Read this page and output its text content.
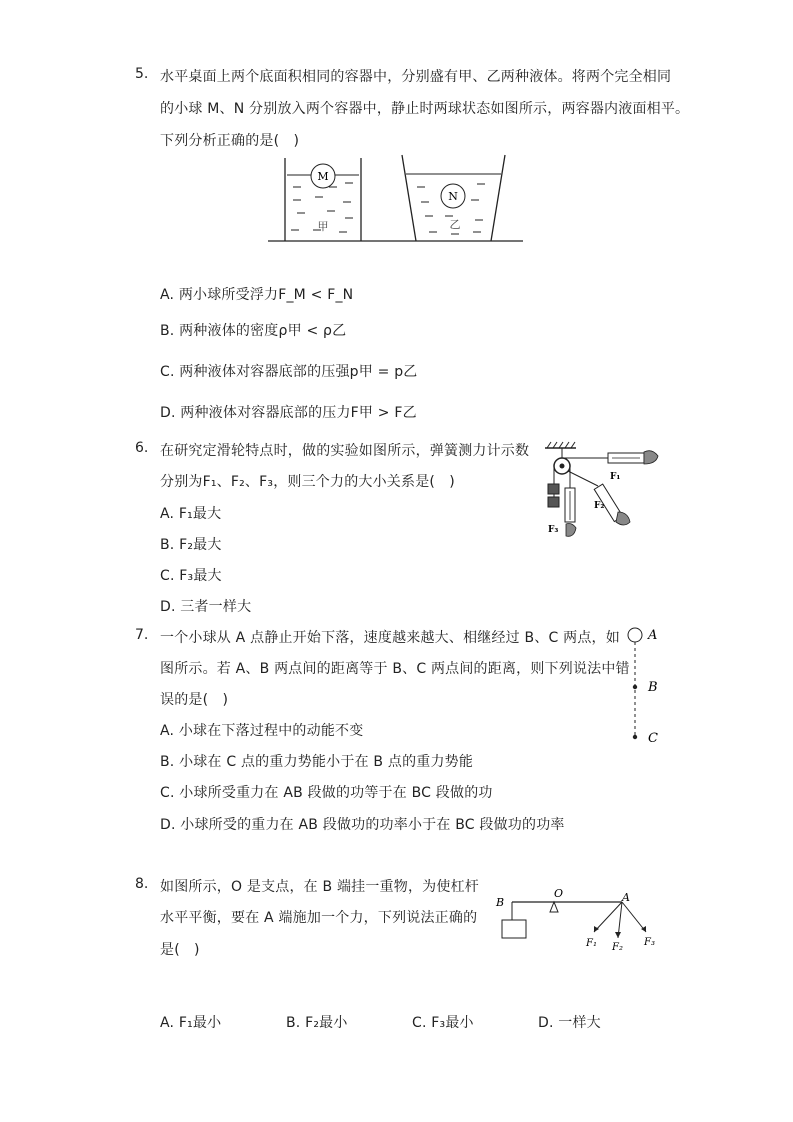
5. 水平桌面上两个底面积相同的容器中，分别盛有甲、乙两种液体。将两个完全相同
的小球 M、N 分别放入两个容器中，静止时两球状态如图所示，两容器内液面相平。
下列分析正确的是(　)
M
甲
N
乙
A. 两小球所受浮力F_M < F_N
B. 两种液体的密度ρ甲 < ρ乙
C. 两种液体对容器底部的压强p甲 = p乙
D. 两种液体对容器底部的压力F甲 > F乙
6. 在研究定滑轮特点时，做的实验如图所示，弹簧测力计示数
分别为F₁、F₂、F₃，则三个力的大小关系是(　)	F₁
F₂
F₃
A. F₁最大
B. F₂最大
C. F₃最大
D. 三者一样大
7. 一个小球从 A 点静止开始下落，速度越来越大、相继经过 B、C 两点，如
图所示。若 A、B 两点间的距离等于 B、C 两点间的距离，则下列说法中错
误的是(　)
A
B
C
A. 小球在下落过程中的动能不变
B. 小球在 C 点的重力势能小于在 B 点的重力势能
C. 小球所受重力在 AB 段做的功等于在 BC 段做的功
D. 小球所受的重力在 AB 段做功的功率小于在 BC 段做功的功率
8. 如图所示，O 是支点，在 B 端挂一重物，为使杠杆
水平平衡，要在 A 端施加一个力，下列说法正确的
是(　)
B
O	A
F₁ F₂ F₃
A. F₁最小	B. F₂最小	C. F₃最小	D. 一样大
